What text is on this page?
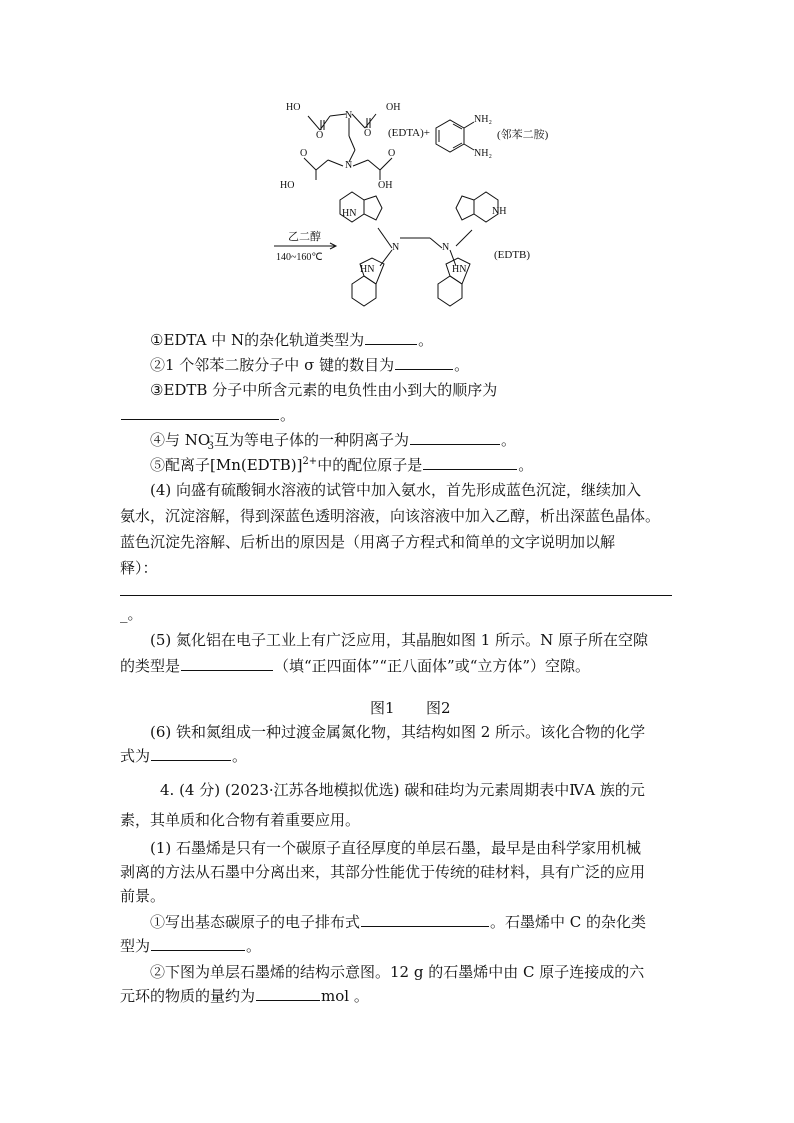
HO	OH
O	O
N
N
O	O
HO	OH
NH₂
NH₂
HN	NH
N	N
HN	HN
(EDTA)+	(邻苯二胺)
乙二醇
140~160℃	(EDTB)
①EDTA 中 N的杂化轨道类型为	。
②1 个邻苯二胺分子中 σ 键的数目为	。
③EDTB 分子中所含元素的电负性由小到大的顺序为
。
④与 $NO^-_3$互为等电子体的一种阴离子为	。
⑤配离子[Mn(EDTB)]$^{2+}$中的配位原子是	。
(4) 向盛有硫酸铜水溶液的试管中加入氨水，首先形成蓝色沉淀，继续加入
氨水，沉淀溶解，得到深蓝色透明溶液，向该溶液中加入乙醇，析出深蓝色晶体。
蓝色沉淀先溶解、后析出的原因是（用离子方程式和简单的文字说明加以解
释）：
_。
(5) 氮化铝在电子工业上有广泛应用，其晶胞如图 1 所示。N 原子所在空隙
的类型是	（填“正四面体”“正八面体”或“立方体”）空隙。
图1 图2
(6) 铁和氮组成一种过渡金属氮化物，其结构如图 2 所示。该化合物的化学
式为	。
4. (4 分) (2023·江苏各地模拟优选) 碳和硅均为元素周期表中ⅣA 族的元
素，其单质和化合物有着重要应用。
(1) 石墨烯是只有一个碳原子直径厚度的单层石墨，最早是由科学家用机械
剥离的方法从石墨中分离出来，其部分性能优于传统的硅材料，具有广泛的应用
前景。
①写出基态碳原子的电子排布式	。石墨烯中 C 的杂化类
型为	。
②下图为单层石墨烯的结构示意图。12 g 的石墨烯中由 C 原子连接成的六
元环的物质的量约为	mol 。
